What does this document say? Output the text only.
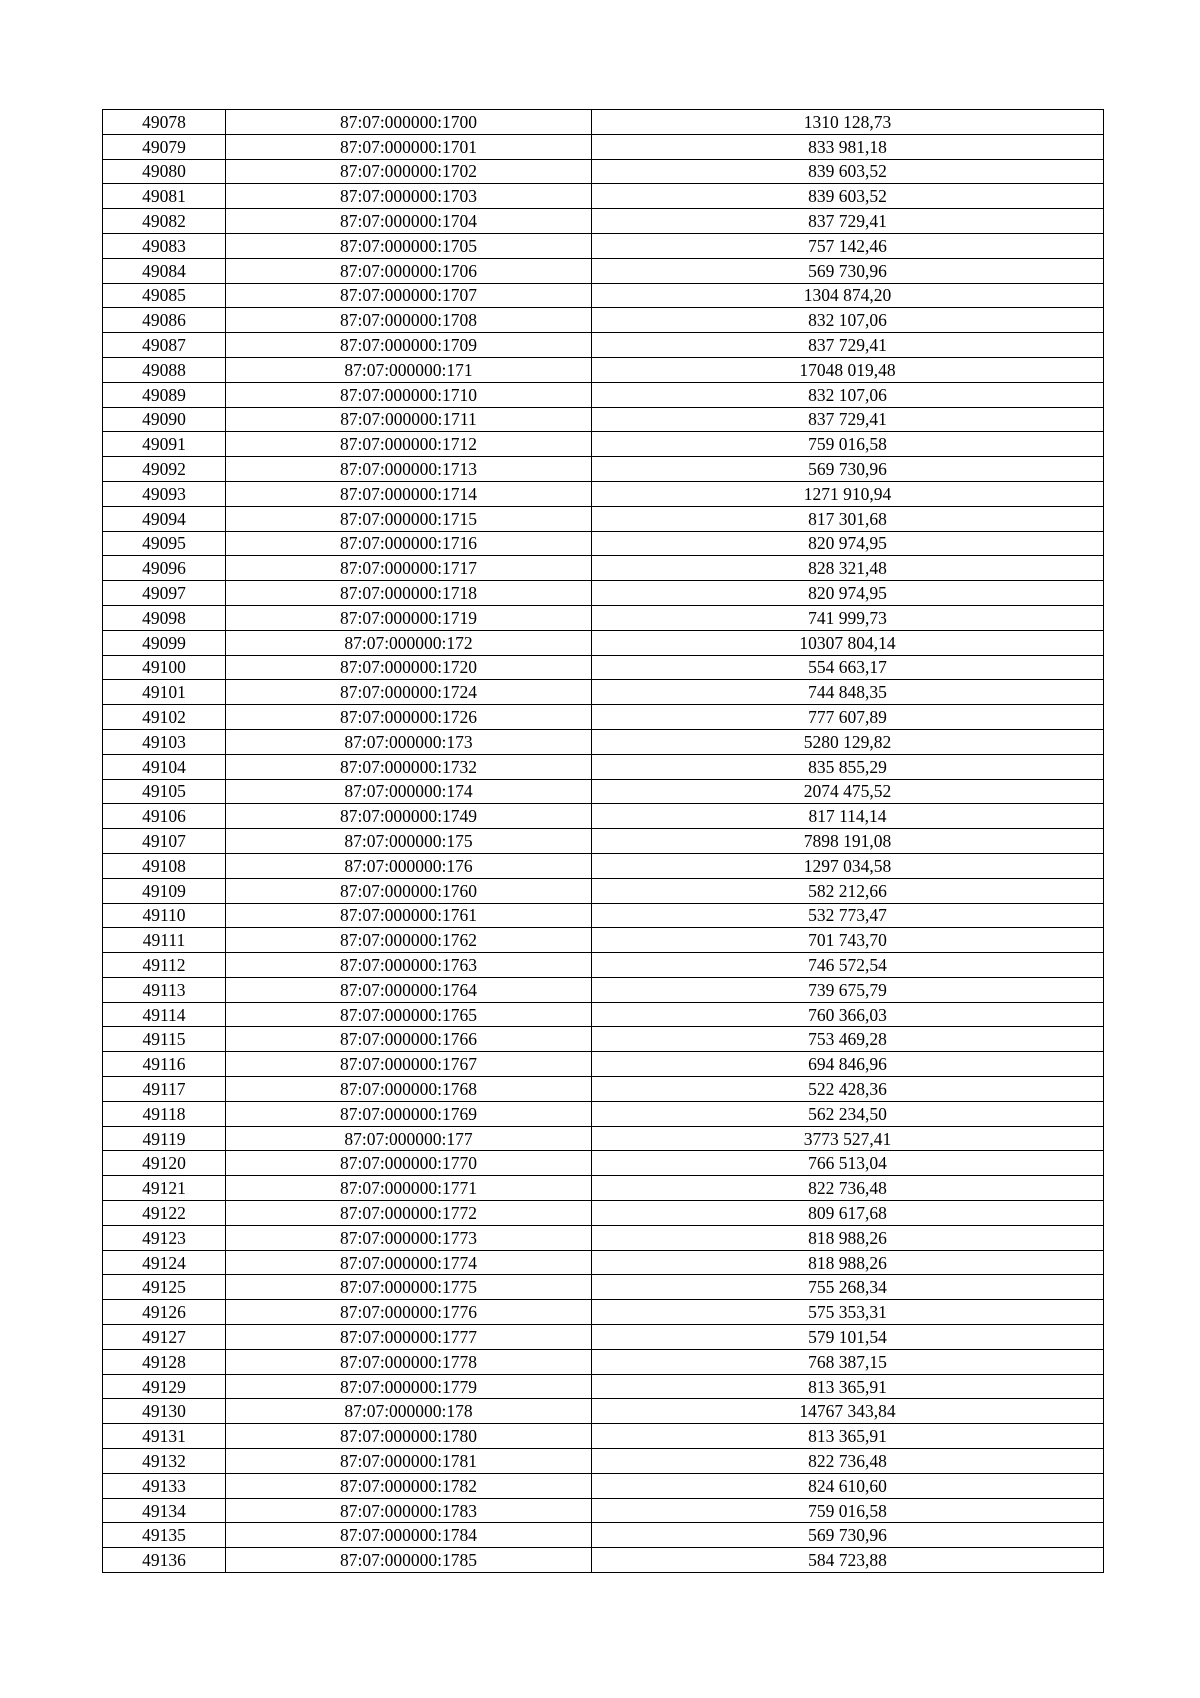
49078	87:07:000000:1700	1310 128,73
49079	87:07:000000:1701	833 981,18
49080	87:07:000000:1702	839 603,52
49081	87:07:000000:1703	839 603,52
49082	87:07:000000:1704	837 729,41
49083	87:07:000000:1705	757 142,46
49084	87:07:000000:1706	569 730,96
49085	87:07:000000:1707	1304 874,20
49086	87:07:000000:1708	832 107,06
49087	87:07:000000:1709	837 729,41
49088	87:07:000000:171	17048 019,48
49089	87:07:000000:1710	832 107,06
49090	87:07:000000:1711	837 729,41
49091	87:07:000000:1712	759 016,58
49092	87:07:000000:1713	569 730,96
49093	87:07:000000:1714	1271 910,94
49094	87:07:000000:1715	817 301,68
49095	87:07:000000:1716	820 974,95
49096	87:07:000000:1717	828 321,48
49097	87:07:000000:1718	820 974,95
49098	87:07:000000:1719	741 999,73
49099	87:07:000000:172	10307 804,14
49100	87:07:000000:1720	554 663,17
49101	87:07:000000:1724	744 848,35
49102	87:07:000000:1726	777 607,89
49103	87:07:000000:173	5280 129,82
49104	87:07:000000:1732	835 855,29
49105	87:07:000000:174	2074 475,52
49106	87:07:000000:1749	817 114,14
49107	87:07:000000:175	7898 191,08
49108	87:07:000000:176	1297 034,58
49109	87:07:000000:1760	582 212,66
49110	87:07:000000:1761	532 773,47
49111	87:07:000000:1762	701 743,70
49112	87:07:000000:1763	746 572,54
49113	87:07:000000:1764	739 675,79
49114	87:07:000000:1765	760 366,03
49115	87:07:000000:1766	753 469,28
49116	87:07:000000:1767	694 846,96
49117	87:07:000000:1768	522 428,36
49118	87:07:000000:1769	562 234,50
49119	87:07:000000:177	3773 527,41
49120	87:07:000000:1770	766 513,04
49121	87:07:000000:1771	822 736,48
49122	87:07:000000:1772	809 617,68
49123	87:07:000000:1773	818 988,26
49124	87:07:000000:1774	818 988,26
49125	87:07:000000:1775	755 268,34
49126	87:07:000000:1776	575 353,31
49127	87:07:000000:1777	579 101,54
49128	87:07:000000:1778	768 387,15
49129	87:07:000000:1779	813 365,91
49130	87:07:000000:178	14767 343,84
49131	87:07:000000:1780	813 365,91
49132	87:07:000000:1781	822 736,48
49133	87:07:000000:1782	824 610,60
49134	87:07:000000:1783	759 016,58
49135	87:07:000000:1784	569 730,96
49136	87:07:000000:1785	584 723,88
